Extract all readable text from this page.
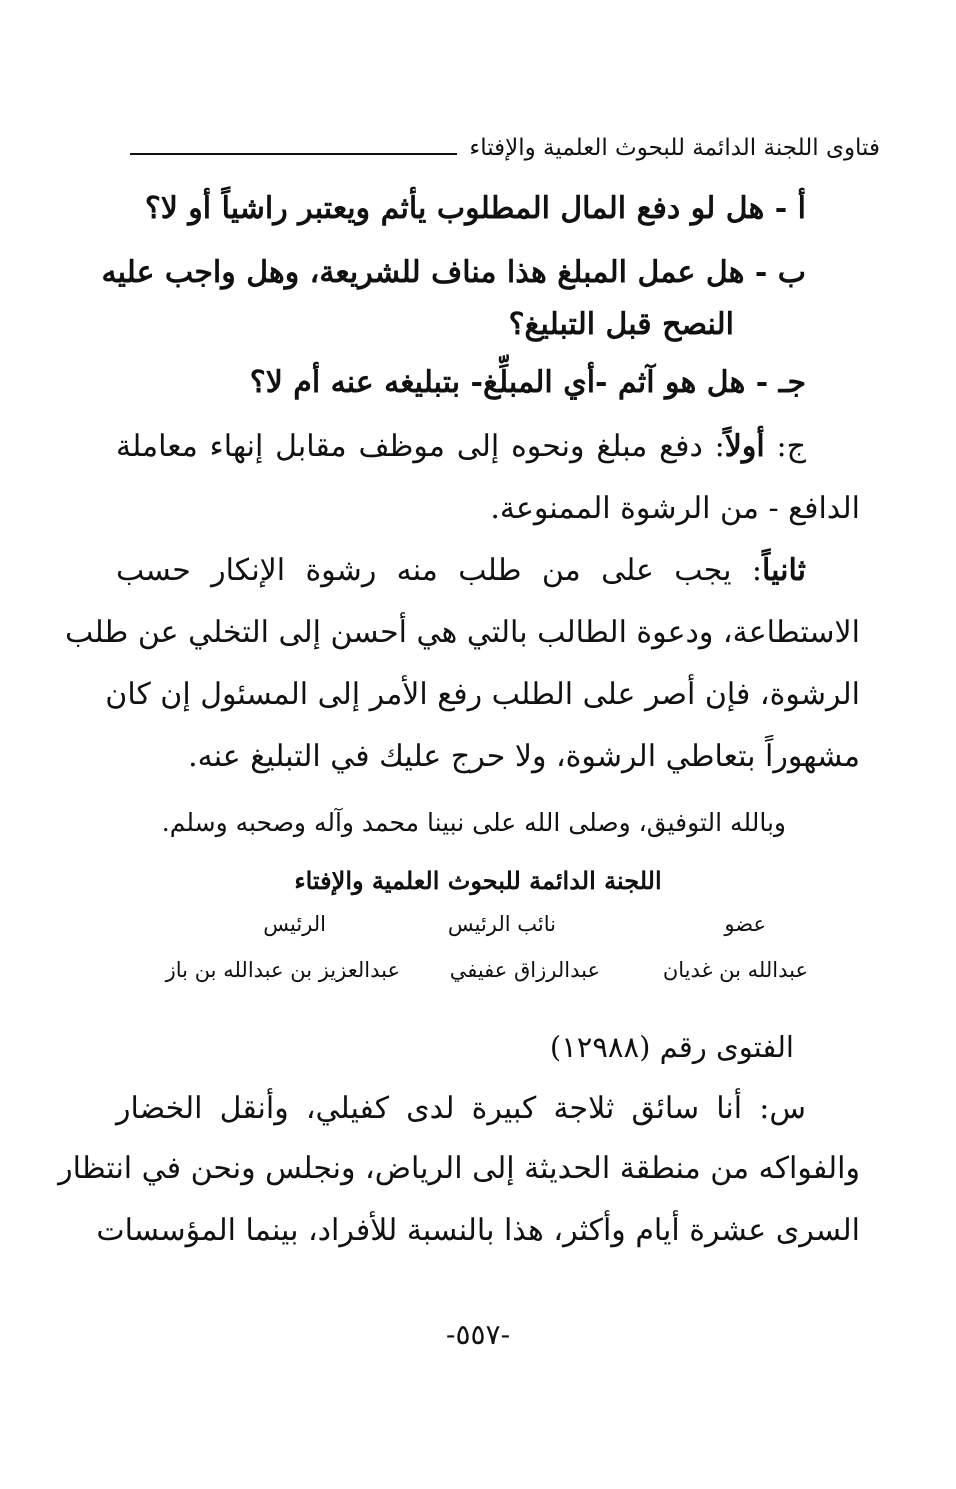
فتاوى اللجنة الدائمة للبحوث العلمية والإفتاء
أ - هل لو دفع المال المطلوب يأثم ويعتبر راشياً أو لا؟
ب - هل عمل المبلغ هذا مناف للشريعة، وهل واجب عليه
النصح قبل التبليغ؟
جـ - هل هو آثم -أي المبلِّغ- بتبليغه عنه أم لا؟
ج: أولاً: دفع مبلغ ونحوه إلى موظف مقابل إنهاء معاملة
الدافع - من الرشوة الممنوعة.
ثانياً: يجب على من طلب منه رشوة الإنكار حسب
الاستطاعة، ودعوة الطالب بالتي هي أحسن إلى التخلي عن طلب
الرشوة، فإن أصر على الطلب رفع الأمر إلى المسئول إن كان
مشهوراً بتعاطي الرشوة، ولا حرج عليك في التبليغ عنه.
وبالله التوفيق، وصلى الله على نبينا محمد وآله وصحبه وسلم.
اللجنة الدائمة للبحوث العلمية والإفتاء
عضو
نائب الرئيس
الرئيس
عبدالله بن غديان
عبدالرزاق عفيفي
عبدالعزيز بن عبدالله بن باز
الفتوى رقم (١٢٩٨٨)
س: أنا سائق ثلاجة كبيرة لدى كفيلي، وأنقل الخضار
والفواكه من منطقة الحديثة إلى الرياض، ونجلس ونحن في انتظار
السرى عشرة أيام وأكثر، هذا بالنسبة للأفراد، بينما المؤسسات
-٥٥٧-
